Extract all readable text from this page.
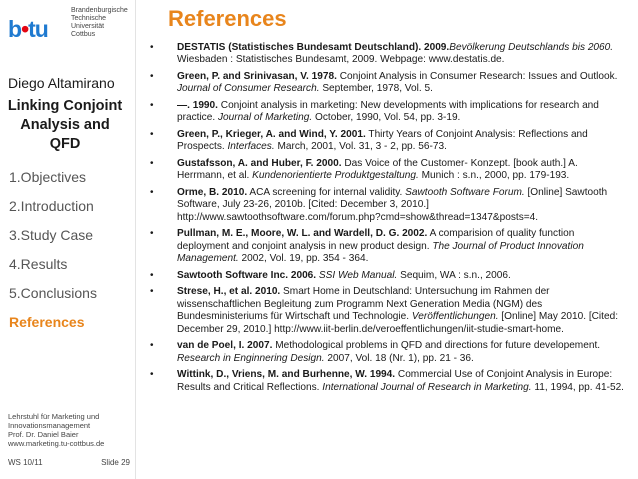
b•tu
Brandenburgische
Technische Universität
Cottbus
Diego Altamirano
Linking Conjoint Analysis and QFD
1.Objectives
2.Introduction
3.Study Case
4.Results
5.Conclusions
References
Lehrstuhl für Marketing und
Innovationsmanagement
Prof. Dr. Daniel Baier
www.marketing.tu-cottbus.de
WS 10/11	Slide 29
References
• DESTATIS (Statistisches Bundesamt Deutschland). 2009.Bevölkerung Deutschlands bis 2060. Wiesbaden : Statistisches Bundesamt, 2009. Webpage: www.destatis.de.
• Green, P. and Srinivasan, V. 1978. Conjoint Analysis in Consumer Research: Issues and Outlook. Journal of Consumer Research. September, 1978, Vol. 5.
• —. 1990. Conjoint analysis in marketing: New developments with implications for research and practice. Journal of Marketing. October, 1990, Vol. 54, pp. 3-19.
• Green, P., Krieger, A. and Wind, Y. 2001. Thirty Years of Conjoint Analysis: Reflections and Prospects. Interfaces. March, 2001, Vol. 31, 3 - 2, pp. 56-73.
• Gustafsson, A. and Huber, F. 2000. Das Voice of the Customer- Konzept. [book auth.] A. Herrmann, et al. Kundenorientierte Produktgestaltung. Munich : s.n., 2000, pp. 179-193.
• Orme, B. 2010. ACA screening for internal validity. Sawtooth Software Forum. [Online] Sawtooth Software, July 23-26, 2010b. [Cited: December 3, 2010.] http://www.sawtoothsoftware.com/forum.php?cmd=show&thread=1347&posts=4.
• Pullman, M. E., Moore, W. L. and Wardell, D. G. 2002. A comparision of quality function deployment and conjoint analysis in new product design. The Journal of Product Innovation Management. 2002, Vol. 19, pp. 354 - 364.
• Sawtooth Software Inc. 2006. SSI Web Manual. Sequim, WA : s.n., 2006.
• Strese, H., et al. 2010. Smart Home in Deutschland: Untersuchung im Rahmen der wissenschaftlichen Begleitung zum Programm Next Generation Media (NGM) des Bundesministeriums für Wirtschaft und Technologie. Veröffentlichungen. [Online] May 2010. [Cited: December 29, 2010.] http://www.iit-berlin.de/veroeffentlichungen/iit-studie-smart-home.
• van de Poel, I. 2007. Methodological problems in QFD and directions for future developement. Research in Enginnering Design. 2007, Vol. 18 (Nr. 1), pp. 21 - 36.
• Wittink, D., Vriens, M. and Burhenne, W. 1994. Commercial Use of Conjoint Analysis in Europe: Results and Critical Reflections. International Journal of Research in Marketing. 11, 1994, pp. 41-52.
